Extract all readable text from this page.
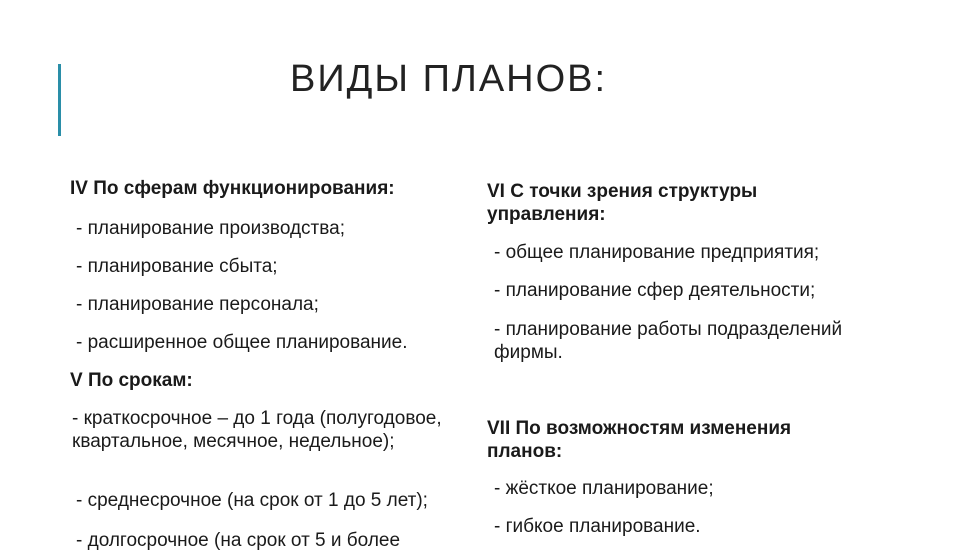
ВИДЫ ПЛАНОВ:
IV По сферам функционирования:
- планирование производства;
- планирование сбыта;
- планирование персонала;
- расширенное общее планирование.
V По срокам:
- краткосрочное – до 1 года (полугодовое, квартальное, месячное, недельное);
- среднесрочное (на срок от 1 до 5 лет);
- долгосрочное (на срок от 5 и более
VI С точки зрения структуры управления:
- общее планирование предприятия;
- планирование сфер деятельности;
- планирование работы подразделений фирмы.
VII По возможностям изменения планов:
- жёсткое планирование;
- гибкое планирование.
